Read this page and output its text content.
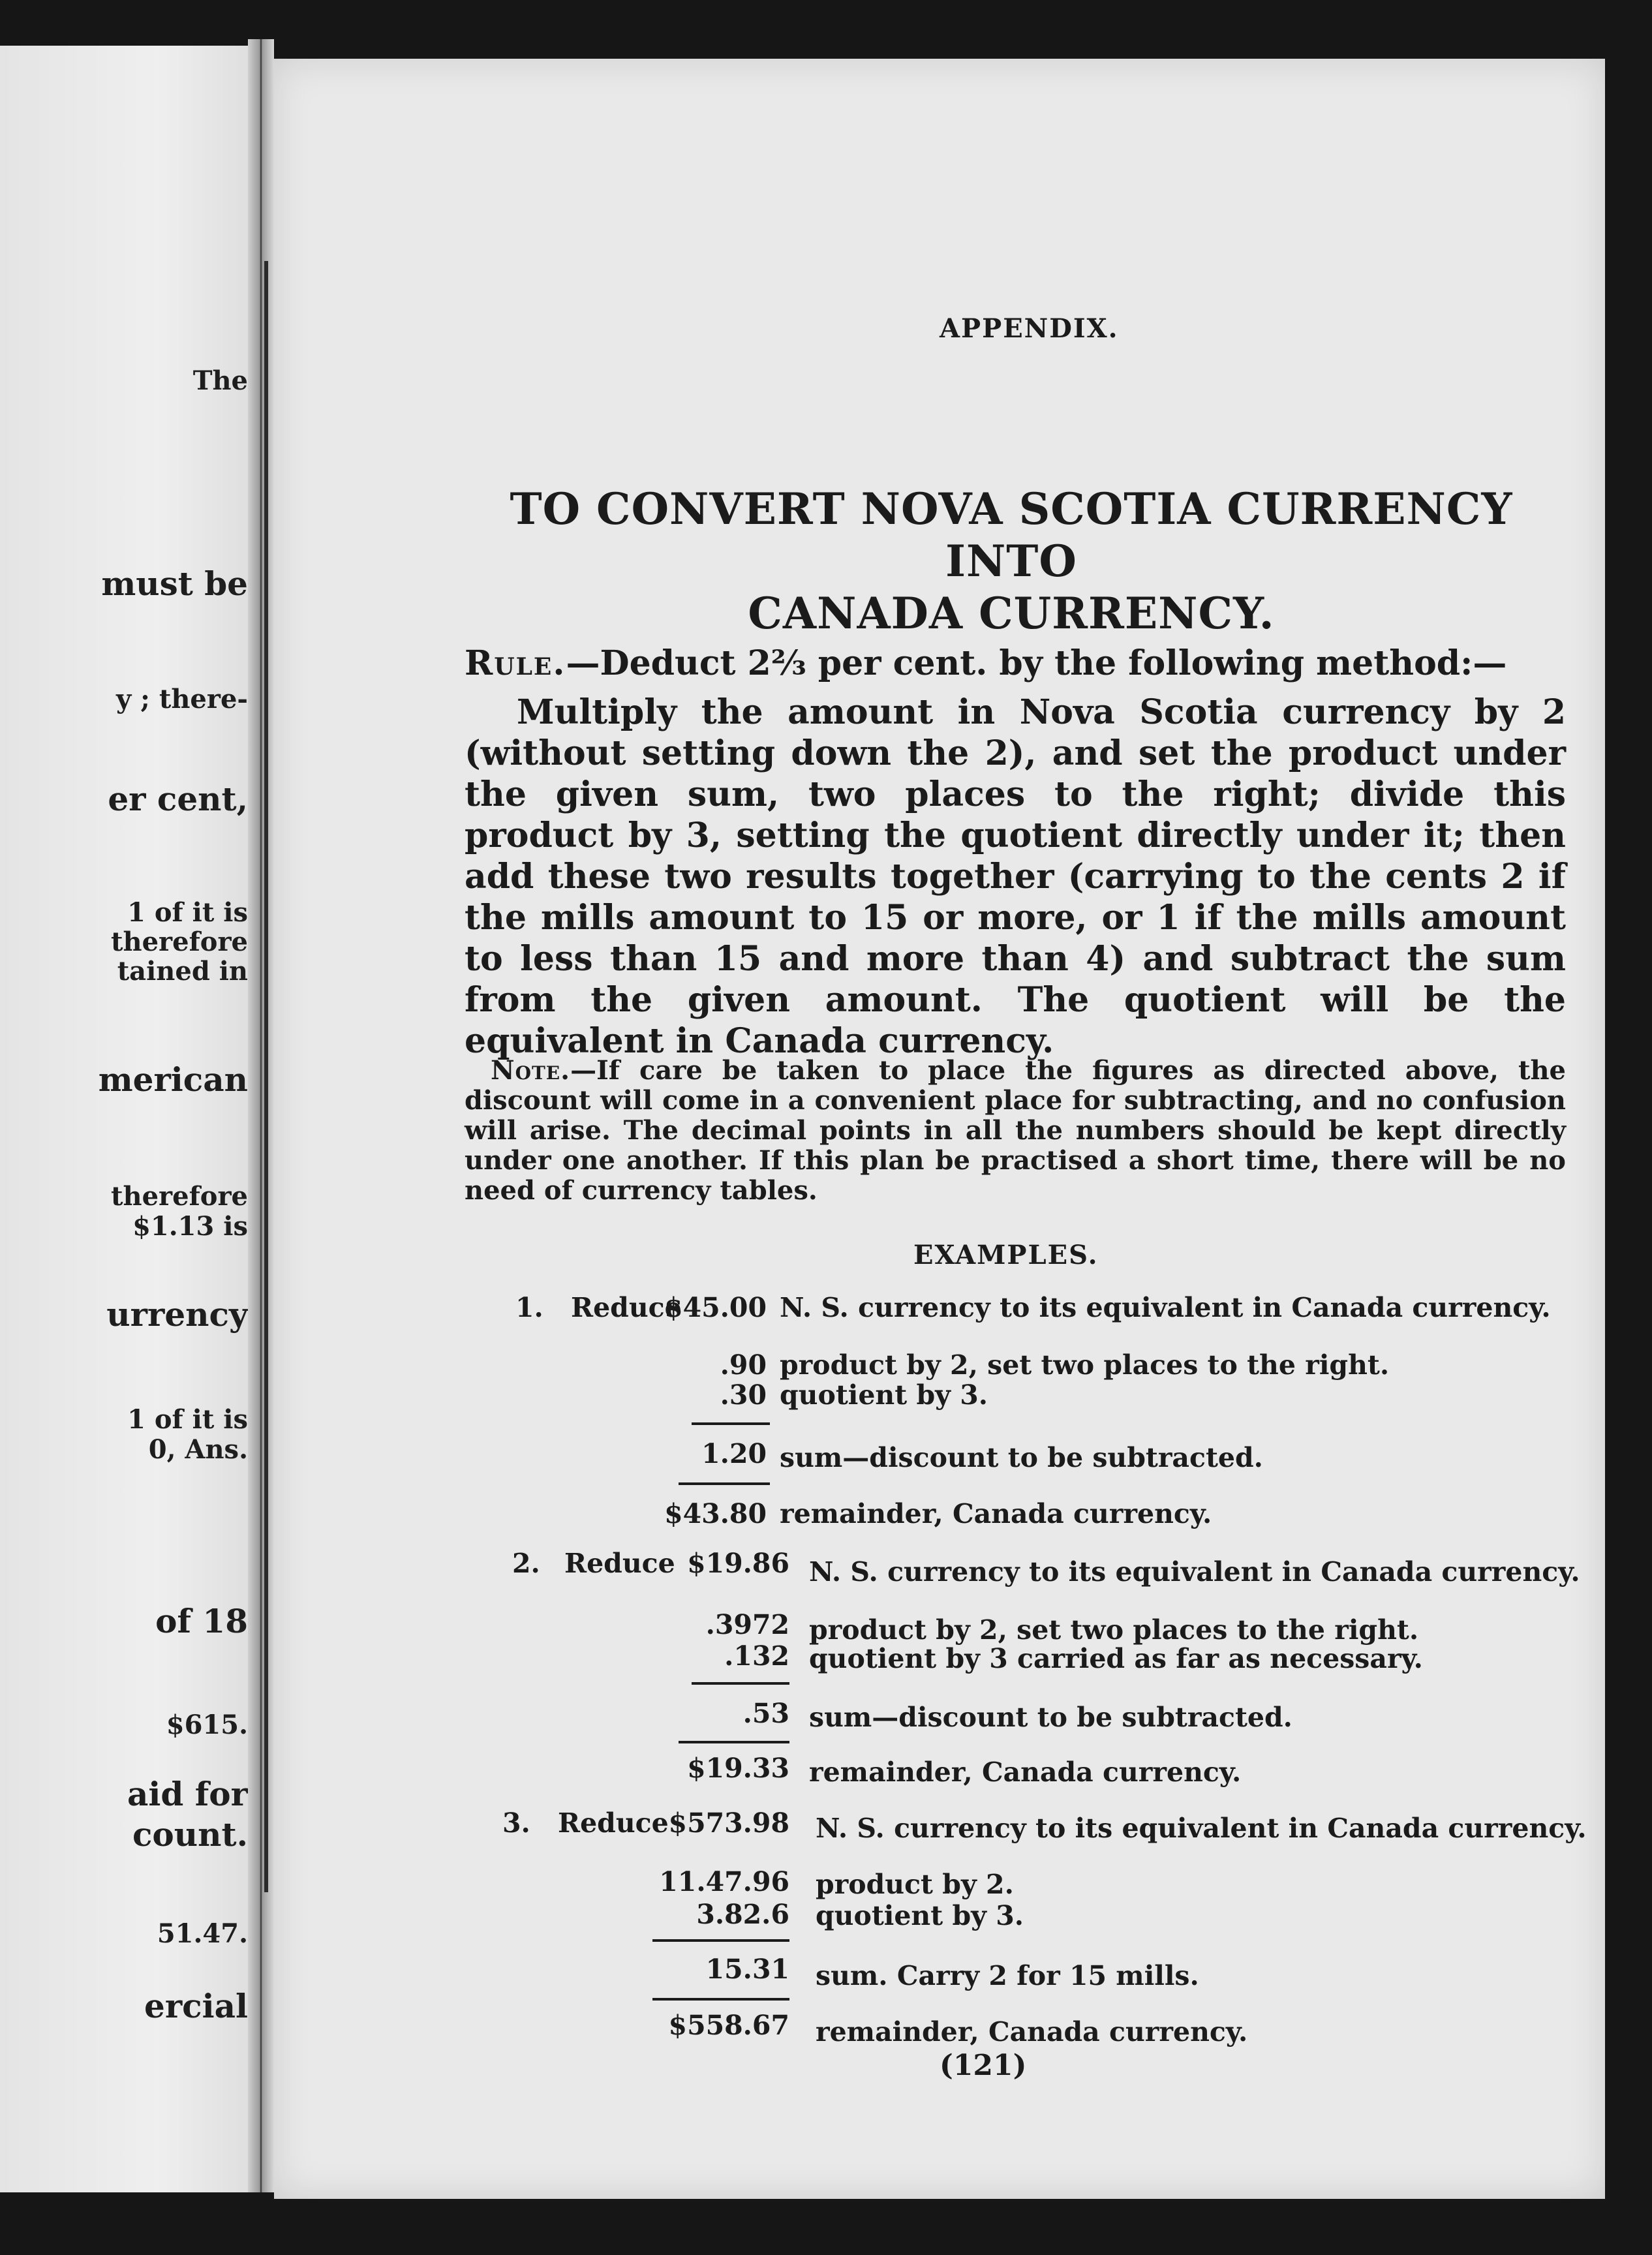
The
must be
y ; there-
er cent,
1 of it is
therefore
tained in
merican
therefore
$1.13 is
urrency
1 of it is
0, Ans.
of 18
$615.
aid for
count.
51.47.
ercial
APPENDIX.
TO CONVERT NOVA SCOTIA CURRENCY INTO
CANADA CURRENCY.
Rule.—Deduct 2⅔ per cent. by the following method:—
Multiply the amount in Nova Scotia currency by 2 (without setting down the 2), and set the product under the given sum, two places to the right; divide this product by 3, setting the quotient directly under it; then add these two results together (carrying to the cents 2 if the mills amount to 15 or more, or 1 if the mills amount to less than 15 and more than 4) and subtract the sum from the given amount. The quotient will be the equivalent in Canada currency.
Note.—If care be taken to place the figures as directed above, the discount will come in a convenient place for subtracting, and no confusion will arise. The decimal points in all the numbers should be kept directly under one another. If this plan be practised a short time, there will be no need of currency tables.
EXAMPLES.
1. Reduce
$45.00 N. S. currency to its equivalent in Canada currency.
.90 product by 2, set two places to the right.
.30 quotient by 3.
1.20 sum—discount to be subtracted.
$43.80 remainder, Canada currency.
2. Reduce $19.86 N. S. currency to its equivalent in Canada currency.
.3972 product by 2, set two places to the right.
.132 quotient by 3 carried as far as necessary.
.53 sum—discount to be subtracted.
$19.33 remainder, Canada currency.
3. Reduce $573.98 N. S. currency to its equivalent in Canada currency.
11.47.96 product by 2.
3.82.6 quotient by 3.
15.31 sum. Carry 2 for 15 mills.
$558.67 remainder, Canada currency.
(121)
